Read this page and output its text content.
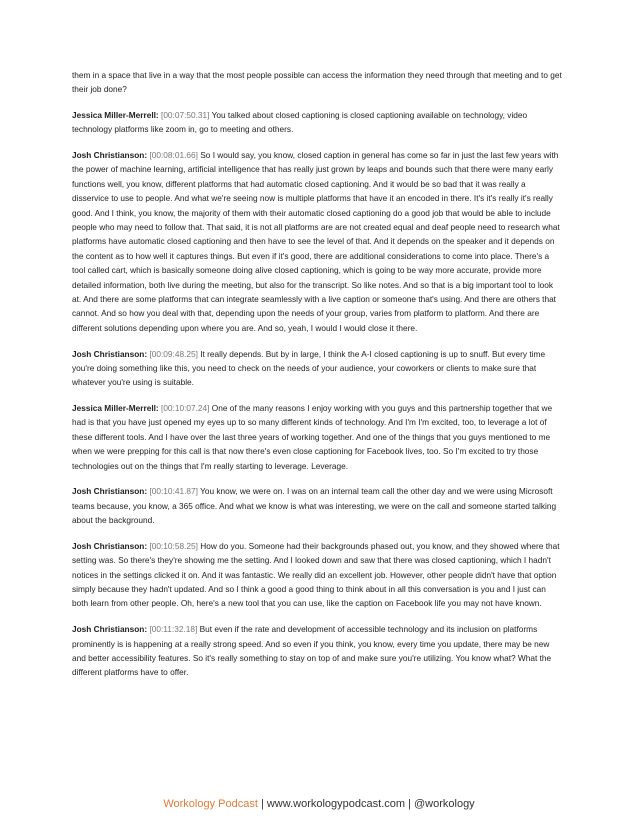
them in a space that live in a way that the most people possible can access the information they need through that meeting and to get their job done?

Jessica Miller-Merrell: [00:07:50.31] You talked about closed captioning is closed captioning available on technology, video technology platforms like zoom in, go to meeting and others.

Josh Christianson: [00:08:01.66] So I would say, you know, closed caption in general has come so far in just the last few years with the power of machine learning, artificial intelligence that has really just grown by leaps and bounds such that there were many early functions well, you know, different platforms that had automatic closed captioning. And it would be so bad that it was really a disservice to use to people. And what we're seeing now is multiple platforms that have it an encoded in there. It's it's really it's really good. And I think, you know, the majority of them with their automatic closed captioning do a good job that would be able to include people who may need to follow that. That said, it is not all platforms are are not created equal and deaf people need to research what platforms have automatic closed captioning and then have to see the level of that. And it depends on the speaker and it depends on the content as to how well it captures things. But even if it's good, there are additional considerations to come into place. There's a tool called cart, which is basically someone doing alive closed captioning, which is going to be way more accurate, provide more detailed information, both live during the meeting, but also for the transcript. So like notes. And so that is a big important tool to look at. And there are some platforms that can integrate seamlessly with a live caption or someone that's using. And there are others that cannot. And so how you deal with that, depending upon the needs of your group, varies from platform to platform. And there are different solutions depending upon where you are. And so, yeah, I would I would close it there.

Josh Christianson: [00:09:48.25] It really depends. But by in large, I think the A-I closed captioning is up to snuff. But every time you're doing something like this, you need to check on the needs of your audience, your coworkers or clients to make sure that whatever you're using is suitable.

Jessica Miller-Merrell: [00:10:07.24] One of the many reasons I enjoy working with you guys and this partnership together that we had is that you have just opened my eyes up to so many different kinds of technology. And I'm I'm excited, too, to leverage a lot of these different tools. And I have over the last three years of working together. And one of the things that you guys mentioned to me when we were prepping for this call is that now there's even close captioning for Facebook lives, too. So I'm excited to try those technologies out on the things that I'm really starting to leverage. Leverage.

Josh Christianson: [00:10:41.87] You know, we were on. I was on an internal team call the other day and we were using Microsoft teams because, you know, a 365 office. And what we know is what was interesting, we were on the call and someone started talking about the background.

Josh Christianson: [00:10:58.25] How do you. Someone had their backgrounds phased out, you know, and they showed where that setting was. So there's they're showing me the setting. And I looked down and saw that there was closed captioning, which I hadn't notices in the settings clicked it on. And it was fantastic. We really did an excellent job. However, other people didn't have that option simply because they hadn't updated. And so I think a good a good thing to think about in all this conversation is you and I just can both learn from other people. Oh, here's a new tool that you can use, like the caption on Facebook life you may not have known.

Josh Christianson: [00:11:32.18] But even if the rate and development of accessible technology and its inclusion on platforms prominently is is happening at a really strong speed. And so even if you think, you know, every time you update, there may be new and better accessibility features. So it's really something to stay on top of and make sure you're utilizing. You know what? What the different platforms have to offer.

Workology Podcast | www.workologypodcast.com | @workology
